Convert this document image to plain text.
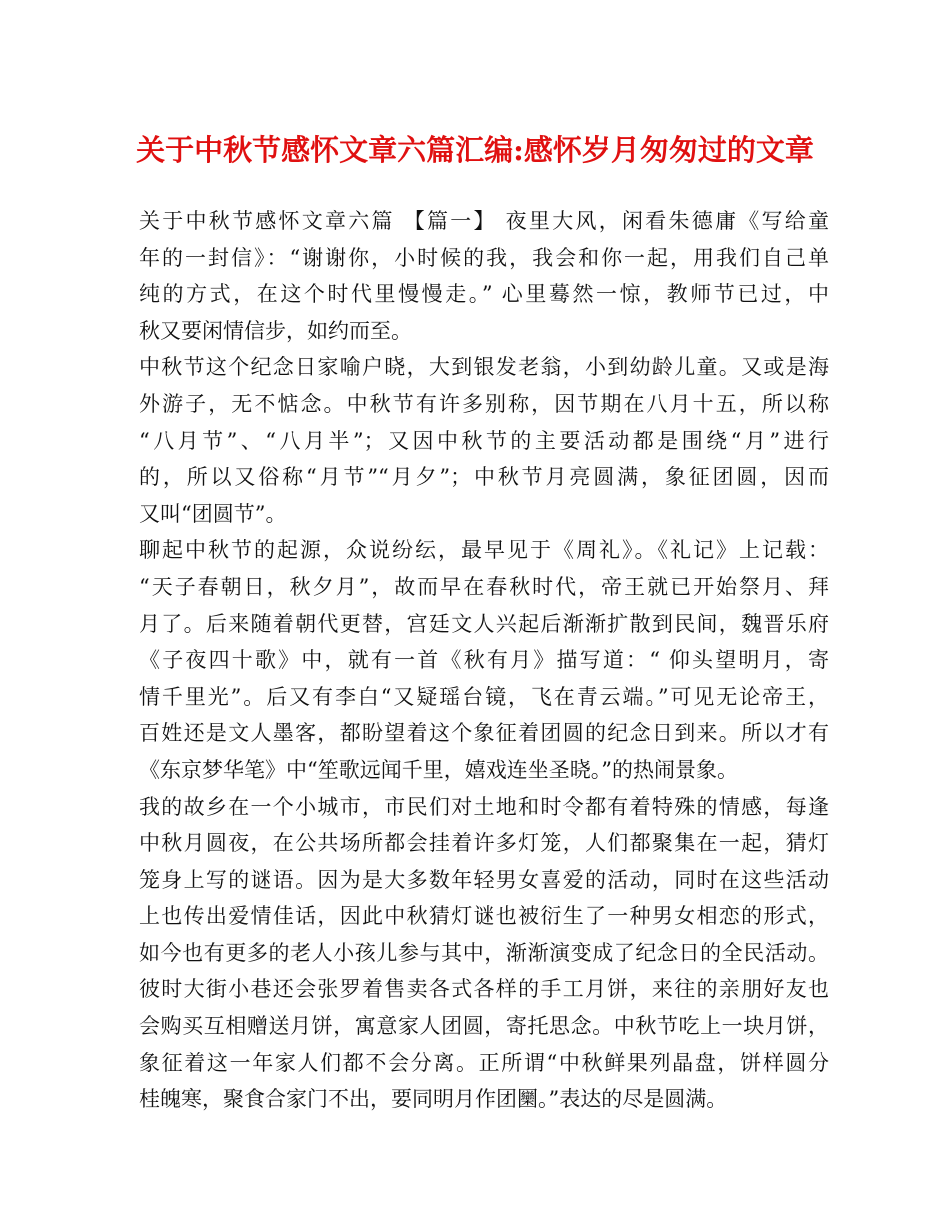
关于中秋节感怀文章六篇汇编:感怀岁月匆匆过的文章
关于中秋节感怀文章六篇 【篇一】 夜里大风，闲看朱德庸《写给童
年的一封信》：“谢谢你，小时候的我，我会和你一起，用我们自己单
纯的方式，在这个时代里慢慢走。” 心里蓦然一惊，教师节已过，中
秋又要闲情信步，如约而至。
中秋节这个纪念日家喻户晓，大到银发老翁，小到幼龄儿童。又或是海
外游子，无不惦念。中秋节有许多别称，因节期在八月十五，所以称
“八月节”、“八月半”；又因中秋节的主要活动都是围绕“月”进行
的，所以又俗称“月节”“月夕”；中秋节月亮圆满，象征团圆，因而
又叫“团圆节”。
聊起中秋节的起源，众说纷纭，最早见于《周礼》。《礼记》上记载：
“天子春朝日，秋夕月”，故而早在春秋时代，帝王就已开始祭月、拜
月了。后来随着朝代更替，宫廷文人兴起后渐渐扩散到民间，魏晋乐府
《子夜四十歌》中，就有一首《秋有月》描写道：“ 仰头望明月，寄
情千里光”。后又有李白“又疑瑶台镜，飞在青云端。”可见无论帝王，
百姓还是文人墨客，都盼望着这个象征着团圆的纪念日到来。所以才有
《东京梦华笔》中“笙歌远闻千里，嬉戏连坐圣晓。”的热闹景象。
我的故乡在一个小城市，市民们对土地和时令都有着特殊的情感，每逢
中秋月圆夜，在公共场所都会挂着许多灯笼，人们都聚集在一起，猜灯
笼身上写的谜语。因为是大多数年轻男女喜爱的活动，同时在这些活动
上也传出爱情佳话，因此中秋猜灯谜也被衍生了一种男女相恋的形式，
如今也有更多的老人小孩儿参与其中，渐渐演变成了纪念日的全民活动。
彼时大街小巷还会张罗着售卖各式各样的手工月饼，来往的亲朋好友也
会购买互相赠送月饼，寓意家人团圆，寄托思念。中秋节吃上一块月饼，
象征着这一年家人们都不会分离。正所谓“中秋鲜果列晶盘，饼样圆分
桂魄寒，聚食合家门不出，要同明月作团圞。”表达的尽是圆满。
